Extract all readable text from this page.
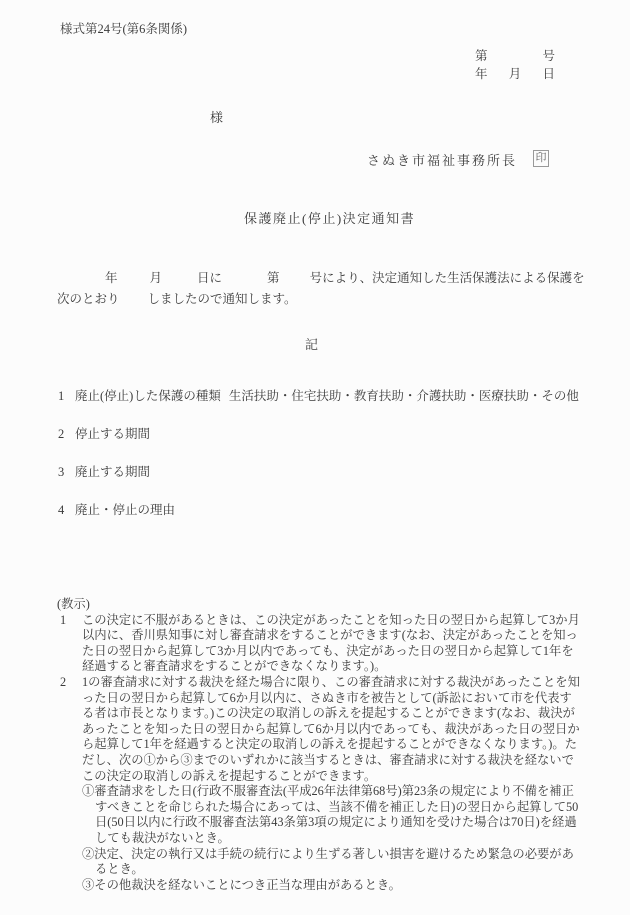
様式第24号(第6条関係)
第	号
年 月 日
様
さぬき市福祉事務所長 印
保護廃止(停止)決定通知書
年	月	日に	第 号により、決定通知した生活保護法による保護を
次のとおり しましたので通知します。
記
1 廃止(停止)した保護の種類 生活扶助・住宅扶助・教育扶助・介護扶助・医療扶助・その他
2 停止する期間
3 廃止する期間
4 廃止・停止の理由
(教示)
1	この決定に不服があるときは、この決定があったことを知った日の翌日から起算して3か月以内に、香川県知事に対し審査請求をすることができます(なお、決定があったことを知った日の翌日から起算して3か月以内であっても、決定があった日の翌日から起算して1年を経過すると審査請求をすることができなくなります。)。
2	1の審査請求に対する裁決を経た場合に限り、この審査請求に対する裁決があったことを知った日の翌日から起算して6か月以内に、さぬき市を被告として(訴訟において市を代表する者は市長となります。)この決定の取消しの訴えを提起することができます(なお、裁決があったことを知った日の翌日から起算して6か月以内であっても、裁決があった日の翌日から起算して1年を経過すると決定の取消しの訴えを提起することができなくなります。)。ただし、次の①から③までのいずれかに該当するときは、審査請求に対する裁決を経ないでこの決定の取消しの訴えを提起することができます。
①審査請求をした日(行政不服審査法(平成26年法律第68号)第23条の規定により不備を補正すべきことを命じられた場合にあっては、当該不備を補正した日)の翌日から起算して50日(50日以内に行政不服審査法第43条第3項の規定により通知を受けた場合は70日)を経過しても裁決がないとき。
②決定、決定の執行又は手続の続行により生ずる著しい損害を避けるため緊急の必要があるとき。
③その他裁決を経ないことにつき正当な理由があるとき。
